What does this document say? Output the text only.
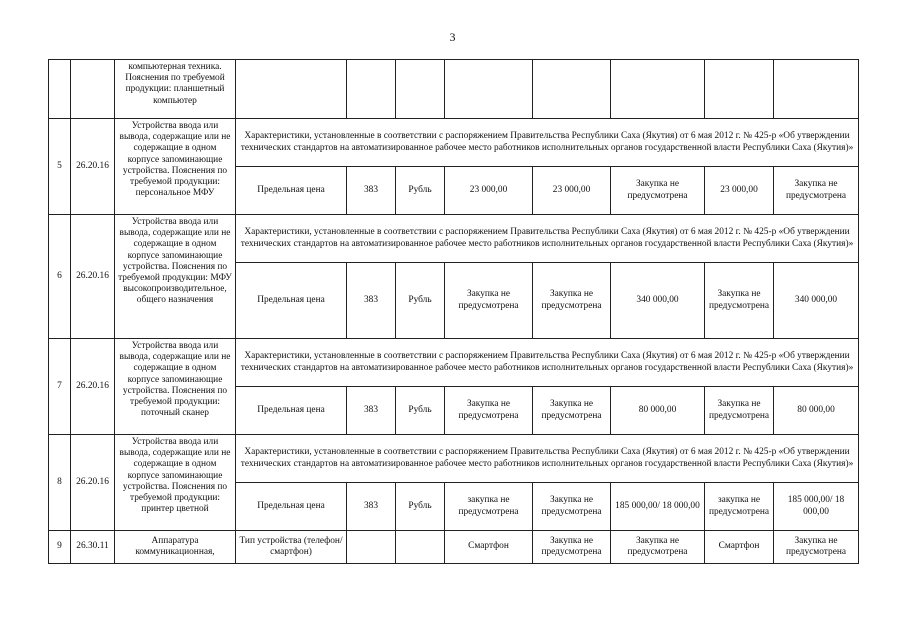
3
		компьютерная техника. Пояснения по требуемой продукции: планшетный компьютер								
5	26.20.16	Устройства ввода или вывода, содержащие или не содержащие в одном корпусе запоминающие устройства. Пояснения по требуемой продукции: персональное МФУ	Характеристики, установленные в соответствии с распоряжением Правительства Республики Саха (Якутия) от 6 мая 2012 г. № 425-р «Об утверждении технических стандартов на автоматизированное рабочее место работников исполнительных органов государственной власти Республики Саха (Якутия)»							
			Предельная цена	383	Рубль	23 000,00	23 000,00	Закупка не предусмотрена	23 000,00	Закупка не предусмотрена
6	26.20.16	Устройства ввода или вывода, содержащие или не содержащие в одном корпусе запоминающие устройства. Пояснения по требуемой продукции: МФУ высокопроизводительное, общего назначения	Характеристики, установленные в соответствии с распоряжением Правительства Республики Саха (Якутия) от 6 мая 2012 г. № 425-р «Об утверждении технических стандартов на автоматизированное рабочее место работников исполнительных органов государственной власти Республики Саха (Якутия)»							
			Предельная цена	383	Рубль	Закупка не предусмотрена	Закупка не предусмотрена	340 000,00	Закупка не предусмотрена	340 000,00
7	26.20.16	Устройства ввода или вывода, содержащие или не содержащие в одном корпусе запоминающие устройства. Пояснения по требуемой продукции: поточный сканер	Характеристики, установленные в соответствии с распоряжением Правительства Республики Саха (Якутия) от 6 мая 2012 г. № 425-р «Об утверждении технических стандартов на автоматизированное рабочее место работников исполнительных органов государственной власти Республики Саха (Якутия)»							
			Предельная цена	383	Рубль	Закупка не предусмотрена	Закупка не предусмотрена	80 000,00	Закупка не предусмотрена	80 000,00
8	26.20.16	Устройства ввода или вывода, содержащие или не содержащие в одном корпусе запоминающие устройства. Пояснения по требуемой продукции: принтер цветной	Характеристики, установленные в соответствии с распоряжением Правительства Республики Саха (Якутия) от 6 мая 2012 г. № 425-р «Об утверждении технических стандартов на автоматизированное рабочее место работников исполнительных органов государственной власти Республики Саха (Якутия)»							
			Предельная цена	383	Рубль	закупка не предусмотрена	Закупка не предусмотрена	185 000,00/ 18 000,00	закупка не предусмотрена	185 000,00/ 18 000,00
9	26.30.11	Аппаратура коммуникационная,	Тип устройства (телефон/смартфон)			Смартфон	Закупка не предусмотрена	Закупка не предусмотрена	Смартфон	Закупка не предусмотрена
